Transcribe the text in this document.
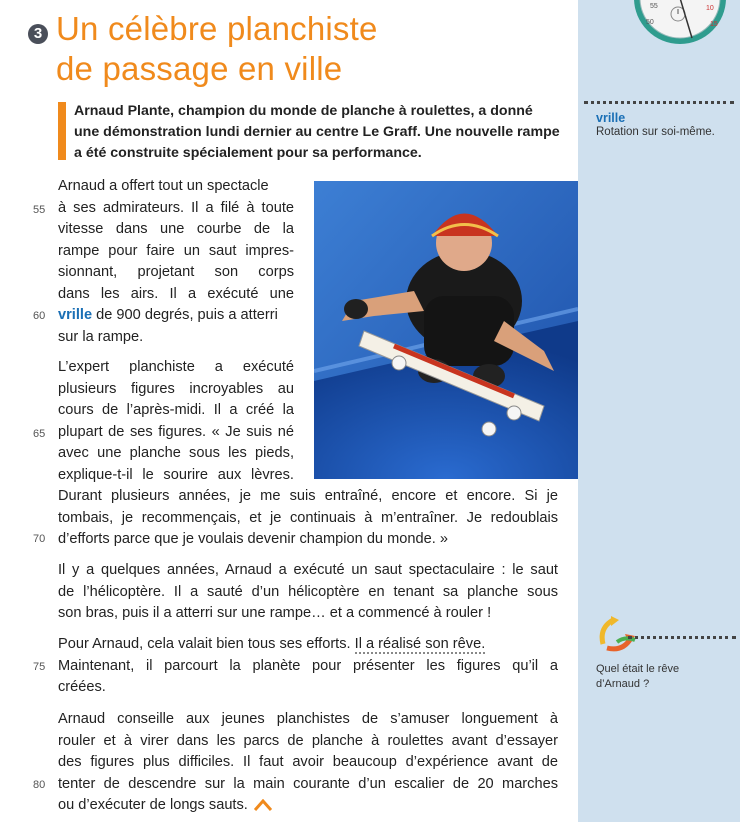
55
50
10
15
3 Un célèbre planchiste
de passage en ville
Arnaud Plante, champion du monde de planche à roulettes, a donné
une démonstration lundi dernier au centre Le Graff. Une nouvelle rampe
a été construite spécialement pour sa performance.
Arnaud a offert tout un spectacle
à ses admirateurs. Il a filé à toute
vitesse dans une courbe de la
rampe pour faire un saut impres-
sionnant, projetant son corps
dans les airs. Il a exécuté une
vrille de 900 degrés, puis a atterri
sur la rampe.
L’expert planchiste a exécuté
plusieurs figures incroyables au
cours de l’après-midi. Il a créé la
plupart de ses figures. « Je suis né
avec une planche sous les pieds,
explique-t-il le sourire aux lèvres.
Durant plusieurs années, je me suis entraîné, encore et encore. Si je
tombais, je recommençais, et je continuais à m’entraîner. Je redoublais
d’efforts parce que je voulais devenir champion du monde. »
Il y a quelques années, Arnaud a exécuté un saut spectaculaire : le saut
de l’hélicoptère. Il a sauté d’un hélicoptère en tenant sa planche sous
son bras, puis il a atterri sur une rampe… et a commencé à rouler !
Pour Arnaud, cela valait bien tous ses efforts. Il a réalisé son rêve.
Maintenant, il parcourt la planète pour présenter les figures qu’il a
créées.
Arnaud conseille aux jeunes planchistes de s’amuser longuement à
rouler et à virer dans les parcs de planche à roulettes avant d’essayer
des figures plus difficiles. Il faut avoir beaucoup d’expérience avant de
tenter de descendre sur la main courante d’un escalier de 20 marches
ou d’exécuter de longs sauts.
55
60
65
70
75
80
vrille
Rotation sur soi-même.
Quel était le rêve
d’Arnaud ?
